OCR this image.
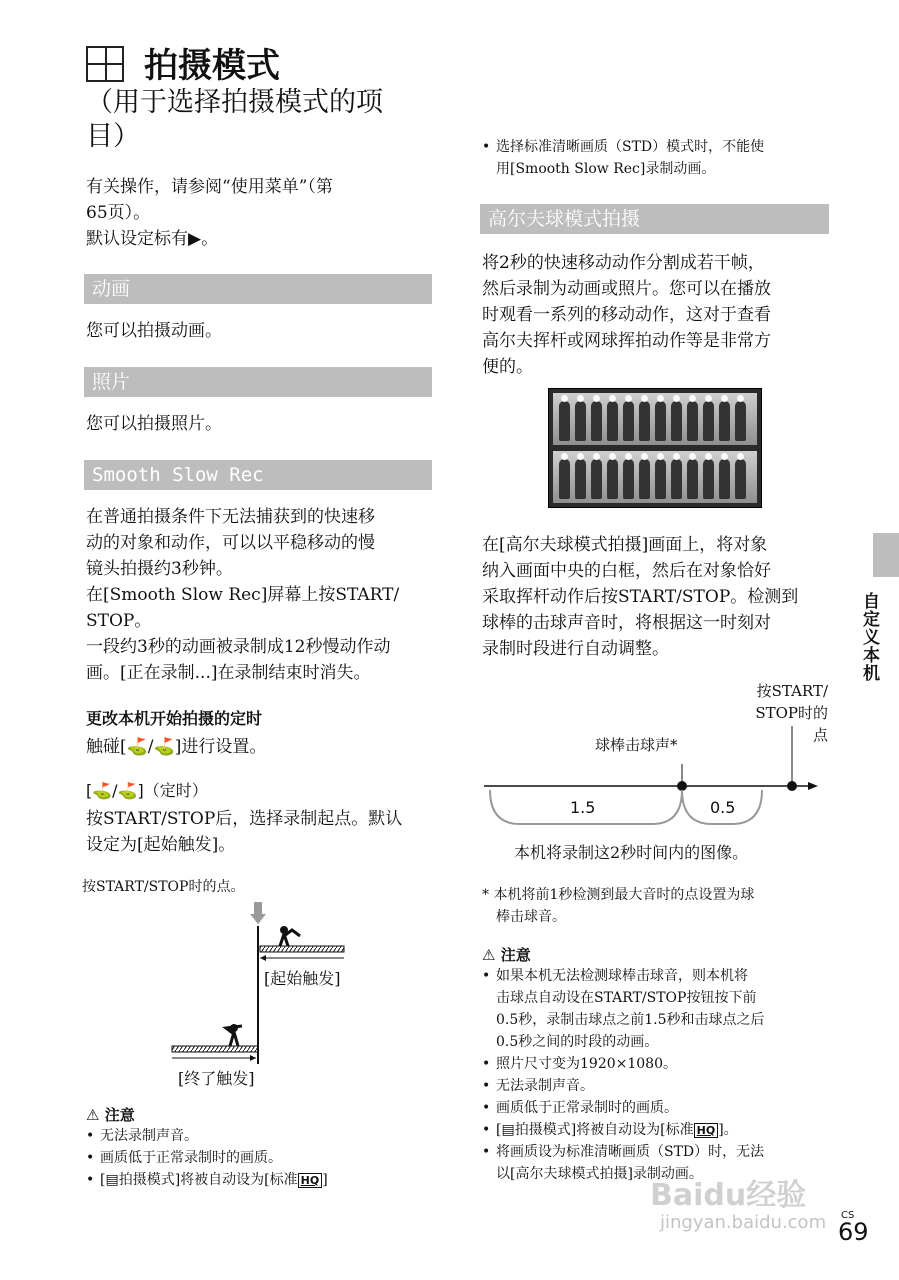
拍摄模式
（用于选择拍摄模式的项
目）
有关操作，请参阅“使用菜单”（第
65页）。
默认设定标有▶。
动画
您可以拍摄动画。
照片
您可以拍摄照片。
Smooth Slow Rec
在普通拍摄条件下无法捕获到的快速移
动的对象和动作，可以以平稳移动的慢
镜头拍摄约3秒钟。
在[Smooth Slow Rec]屏幕上按START/
STOP。
一段约3秒的动画被录制成12秒慢动作动
画。[正在录制...]在录制结束时消失。
更改本机开始拍摄的定时
触碰[⛳/⛳]进行设置。
[⛳/⛳]（定时）
按START/STOP后，选择录制起点。默认
设定为[起始触发]。
按START/STOP时的点。
[起始触发]
[终了触发]
⚠ 注意
• 无法录制声音。
• 画质低于正常录制时的画质。
• [▤拍摄模式]将被自动设为[标准 HQ ]
• 选择标准清晰画质（STD）模式时，不能使
用[Smooth Slow Rec]录制动画。
高尔夫球模式拍摄
将2秒的快速移动动作分割成若干帧，
然后录制为动画或照片。您可以在播放
时观看一系列的移动动作，这对于查看
高尔夫挥杆或网球挥拍动作等是非常方
便的。
在[高尔夫球模式拍摄]画面上，将对象
纳入画面中央的白框，然后在对象恰好
采取挥杆动作后按START/STOP。检测到
球棒的击球声音时，将根据这一时刻对
录制时段进行自动调整。
按START/
STOP时的点
球棒击球声*
1.5	0.5
本机将录制这2秒时间内的图像。
* 本机将前1秒检测到最大音时的点设置为球
棒击球音。
⚠ 注意
• 如果本机无法检测球棒击球音，则本机将
击球点自动设在START/STOP按钮按下前
0.5秒，录制击球点之前1.5秒和击球点之后
0.5秒之间的时段的动画。
• 照片尺寸变为1920×1080。
• 无法录制声音。
• 画质低于正常录制时的画质。
• [▤拍摄模式]将被自动设为[标准 HQ ]。
• 将画质设为标准清晰画质（STD）时，无法
以[高尔夫球模式拍摄]录制动画。
自定义本机
Baidu经验
jingyan.baidu.com CS
69
